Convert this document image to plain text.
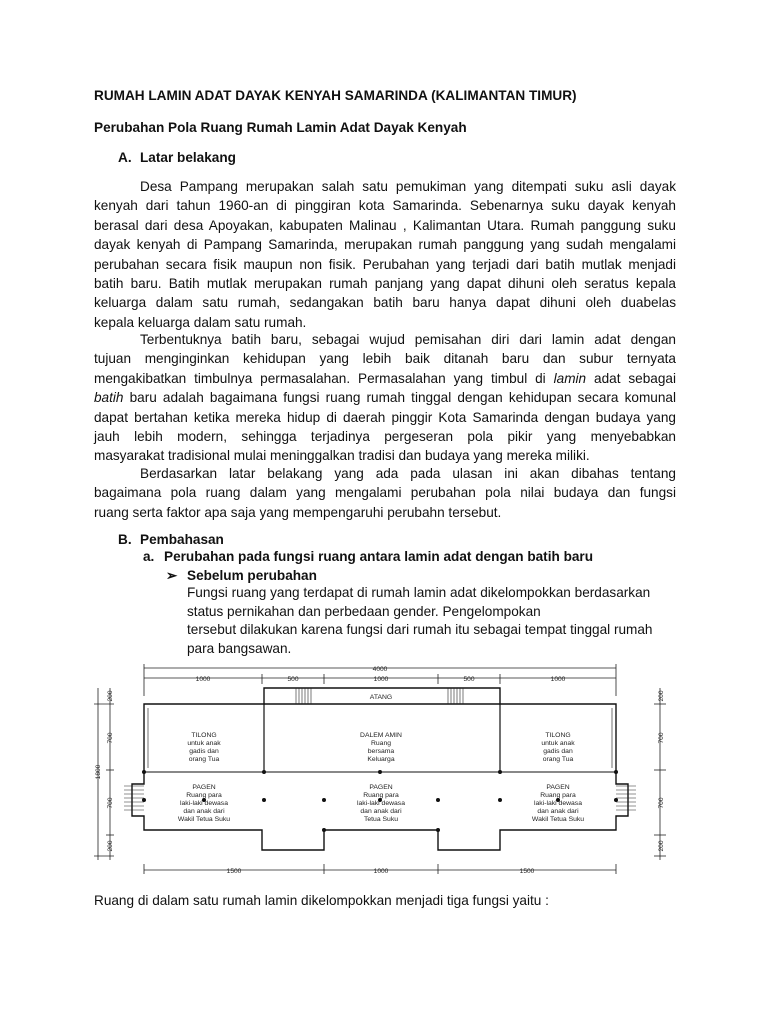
RUMAH LAMIN ADAT DAYAK KENYAH SAMARINDA (KALIMANTAN TIMUR)

Perubahan Pola Ruang Rumah Lamin Adat Dayak Kenyah

A. Latar belakang

Desa Pampang merupakan salah satu pemukiman yang ditempati suku asli dayak
kenyah dari tahun 1960-an di pinggiran kota Samarinda. Sebenarnya suku dayak kenyah
berasal dari desa Apoyakan, kabupaten Malinau , Kalimantan Utara. Rumah panggung suku
dayak kenyah di Pampang Samarinda, merupakan rumah panggung yang sudah mengalami
perubahan secara fisik maupun non fisik. Perubahan yang terjadi dari batih mutlak menjadi
batih baru. Batih mutlak merupakan rumah panjang yang dapat dihuni oleh seratus kepala
keluarga dalam satu rumah, sedangakan batih baru hanya dapat dihuni oleh duabelas
kepala keluarga dalam satu rumah.
Terbentuknya batih baru, sebagai wujud pemisahan diri dari lamin adat dengan
tujuan menginginkan kehidupan yang lebih baik ditanah baru dan subur ternyata
mengakibatkan timbulnya permasalahan. Permasalahan yang timbul di lamin adat sebagai
batih baru adalah bagaimana fungsi ruang rumah tinggal dengan kehidupan secara komunal
dapat bertahan ketika mereka hidup di daerah pinggir Kota Samarinda dengan budaya yang
jauh lebih modern, sehingga terjadinya pergeseran pola pikir yang menyebabkan
masyarakat tradisional mulai meninggalkan tradisi dan budaya yang mereka miliki.
Berdasarkan latar belakang yang ada pada ulasan ini akan dibahas tentang
bagaimana pola ruang dalam yang mengalami perubahan pola nilai budaya dan fungsi
ruang serta faktor apa saja yang mempengaruhi perubahn tersebut.

B. Pembahasan

a. Perubahan pada fungsi ruang antara lamin adat dengan batih baru

➢ Sebelum perubahan

Fungsi ruang yang terdapat di rumah lamin adat dikelompokkan berdasarkan
status pernikahan dan perbedaan gender. Pengelompokan
tersebut dilakukan karena fungsi dari rumah itu sebagai tempat tinggal rumah
para bangsawan.
4000
1000	500	1000	500	1000
1500	1000	1500
200
700
700
200
1800
200
700
700
200
ATANG
TILONG
untuk anak
gadis dan
orang Tua
DALEM AMIN
Ruang
bersama
Keluarga
TILONG
untuk anak
gadis dan
orang Tua
PAGEN
Ruang para
laki-laki dewasa
dan anak dari
Wakil Tetua Suku
PAGEN
Ruang para
laki-laki dewasa
dan anak dari
Tetua Suku
PAGEN
Ruang para
laki-laki dewasa
dan anak dari
Wakil Tetua Suku

Ruang di dalam satu rumah lamin dikelompokkan menjadi tiga fungsi yaitu :
